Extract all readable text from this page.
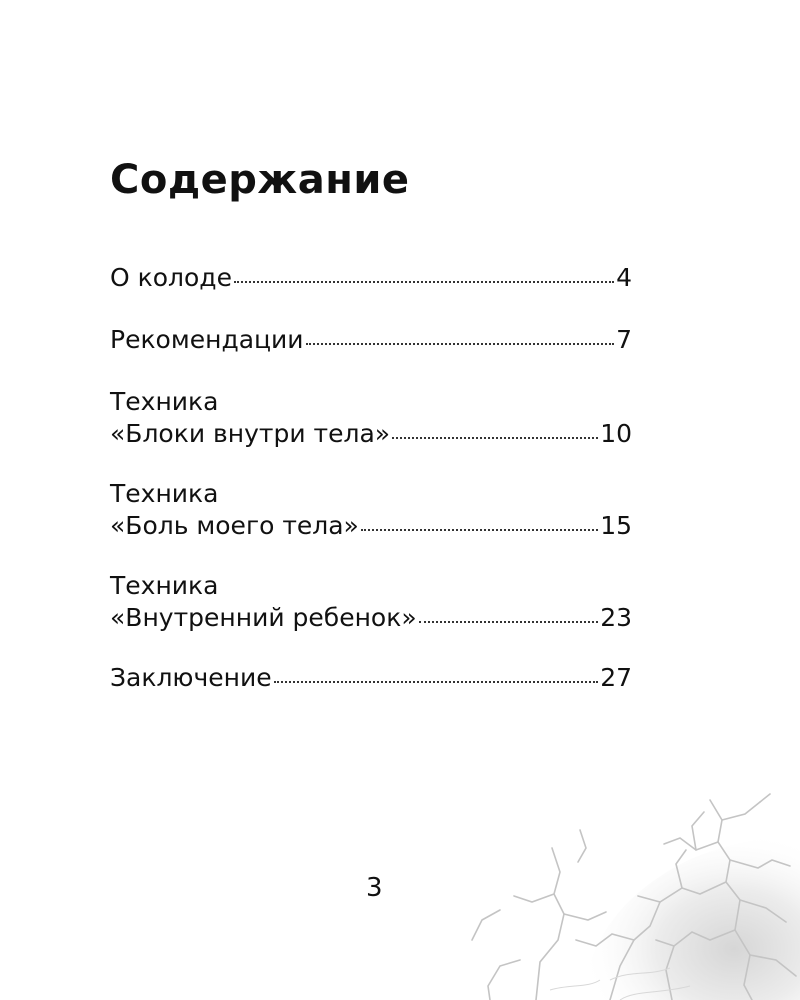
Содержание
О колоде	4
Рекомендации	7
Техника
«Блоки внутри тела»	10
Техника
«Боль моего тела»	15
Техника
«Внутренний ребенок»	23
Заключение	27
3
